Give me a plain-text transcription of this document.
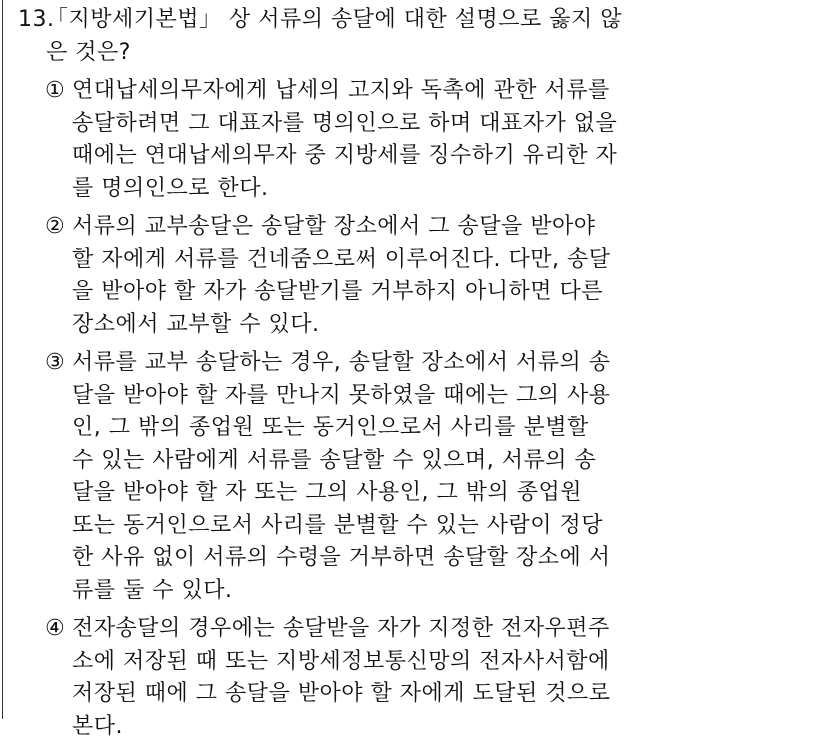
13.「지방세기본법」 상 서류의 송달에 대한 설명으로 옳지 않
은 것은?
① 연대납세의무자에게 납세의 고지와 독촉에 관한 서류를
송달하려면 그 대표자를 명의인으로 하며 대표자가 없을
때에는 연대납세의무자 중 지방세를 징수하기 유리한 자
를 명의인으로 한다.
② 서류의 교부송달은 송달할 장소에서 그 송달을 받아야
할 자에게 서류를 건네줌으로써 이루어진다. 다만, 송달
을 받아야 할 자가 송달받기를 거부하지 아니하면 다른
장소에서 교부할 수 있다.
③ 서류를 교부 송달하는 경우, 송달할 장소에서 서류의 송
달을 받아야 할 자를 만나지 못하였을 때에는 그의 사용
인, 그 밖의 종업원 또는 동거인으로서 사리를 분별할
수 있는 사람에게 서류를 송달할 수 있으며, 서류의 송
달을 받아야 할 자 또는 그의 사용인, 그 밖의 종업원
또는 동거인으로서 사리를 분별할 수 있는 사람이 정당
한 사유 없이 서류의 수령을 거부하면 송달할 장소에 서
류를 둘 수 있다.
④ 전자송달의 경우에는 송달받을 자가 지정한 전자우편주
소에 저장된 때 또는 지방세정보통신망의 전자사서함에
저장된 때에 그 송달을 받아야 할 자에게 도달된 것으로
본다.
